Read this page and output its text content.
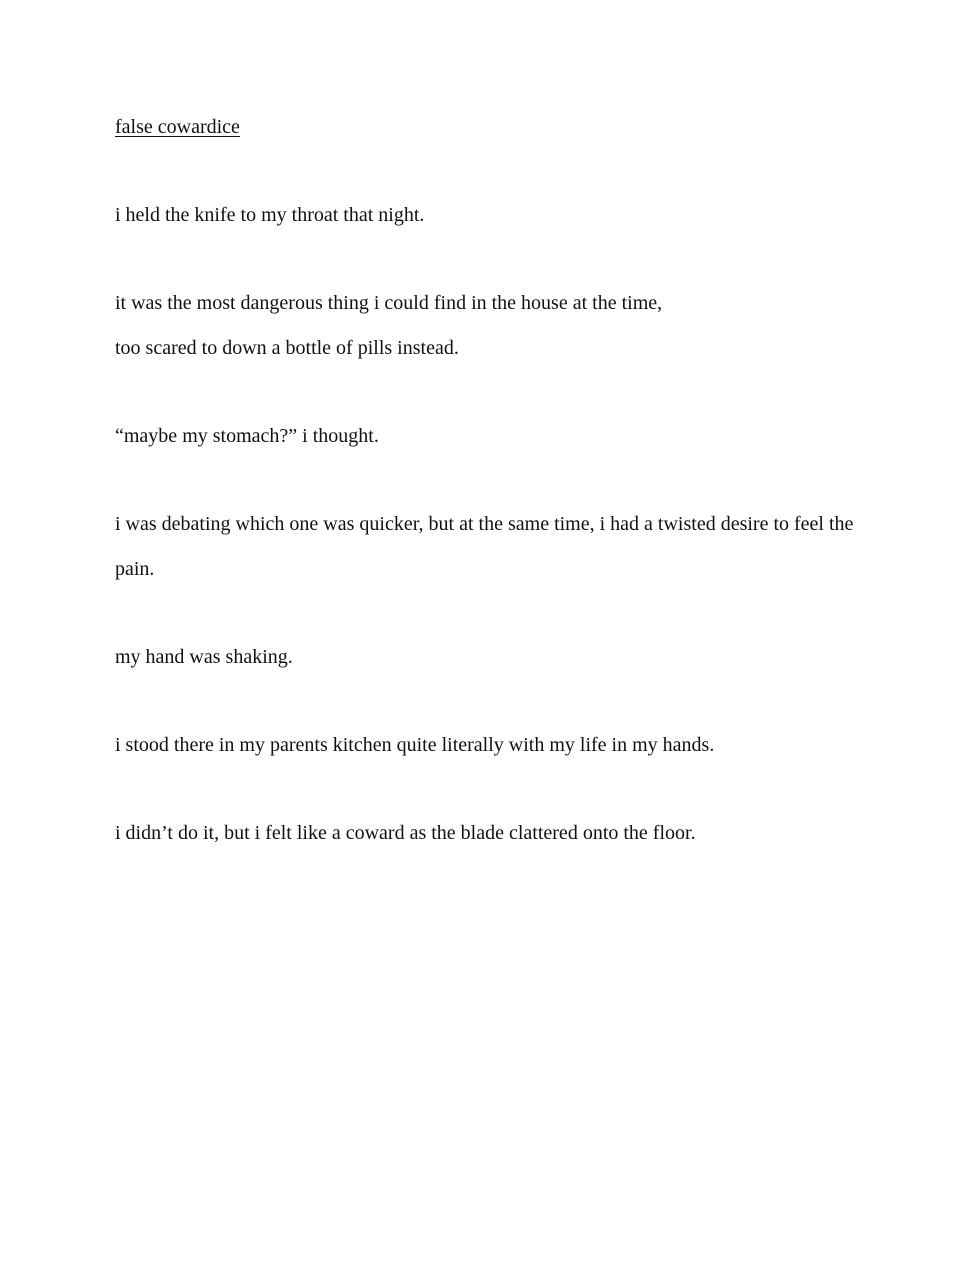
false cowardice

i held the knife to my throat that night.

it was the most dangerous thing i could find in the house at the time,

too scared to down a bottle of pills instead.

“maybe my stomach?” i thought.

i was debating which one was quicker, but at the same time, i had a twisted desire to feel the

pain.

my hand was shaking.

i stood there in my parents kitchen quite literally with my life in my hands.

i didn’t do it, but i felt like a coward as the blade clattered onto the floor.
